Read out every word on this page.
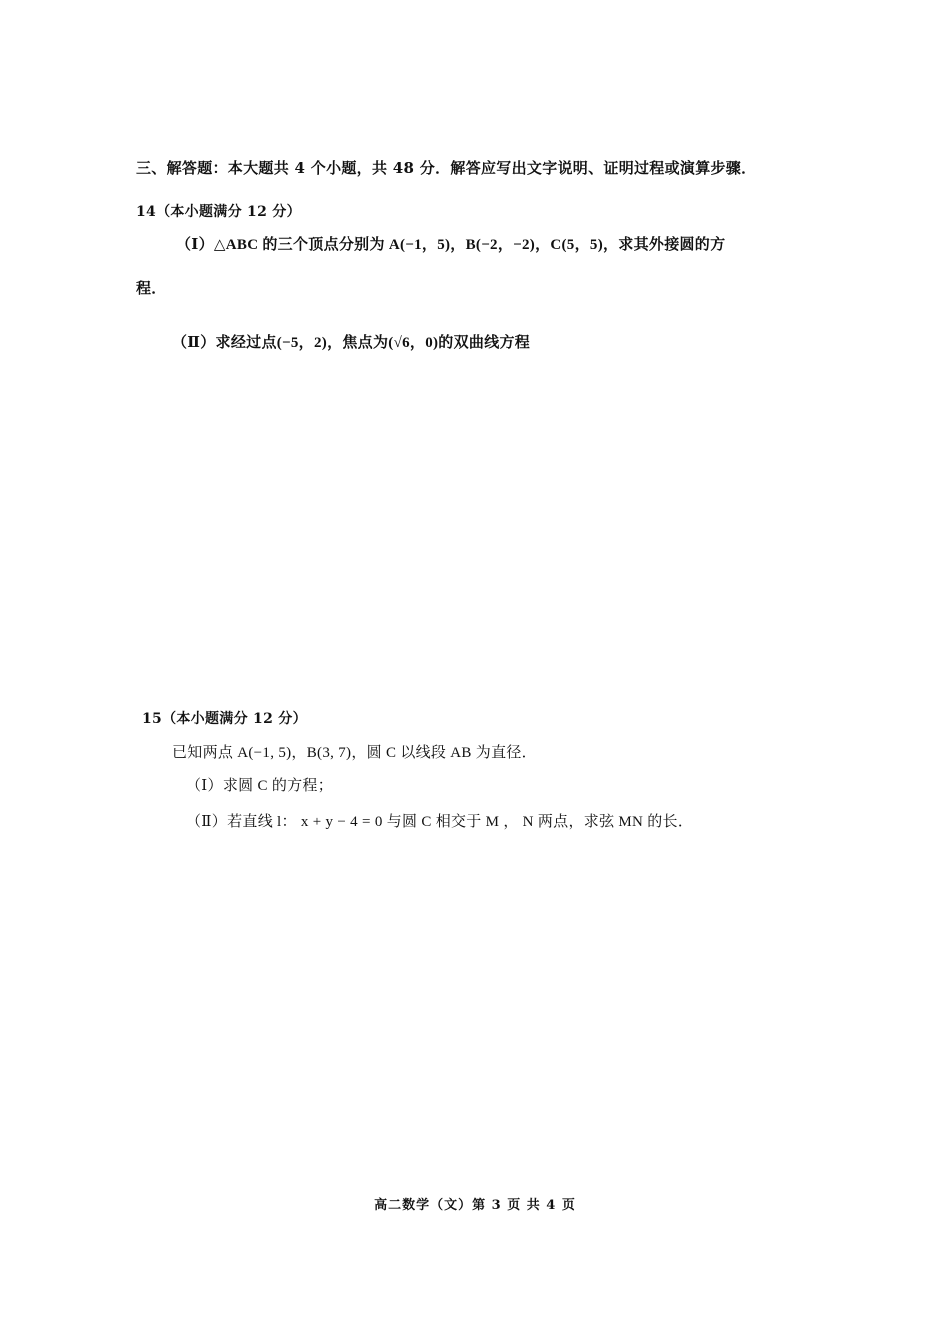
三、解答题：本大题共 4 个小题，共 48 分．解答应写出文字说明、证明过程或演算步骤．
14（本小题满分 12 分）
（Ⅰ）△ABC 的三个顶点分别为 A(−1，5)，B(−2，−2)，C(5，5)，求其外接圆的方
程．
（Ⅱ）求经过点(−5，2)，焦点为(√6，0)的双曲线方程
15（本小题满分 12 分）
已知两点 A(−1, 5)，B(3, 7)，圆 C 以线段 AB 为直径．
（Ⅰ）求圆 C 的方程；
（Ⅱ）若直线 l： x + y − 4 = 0 与圆 C 相交于 M ， N 两点，求弦 MN 的长．
高二数学（文）第 3 页 共 4 页
